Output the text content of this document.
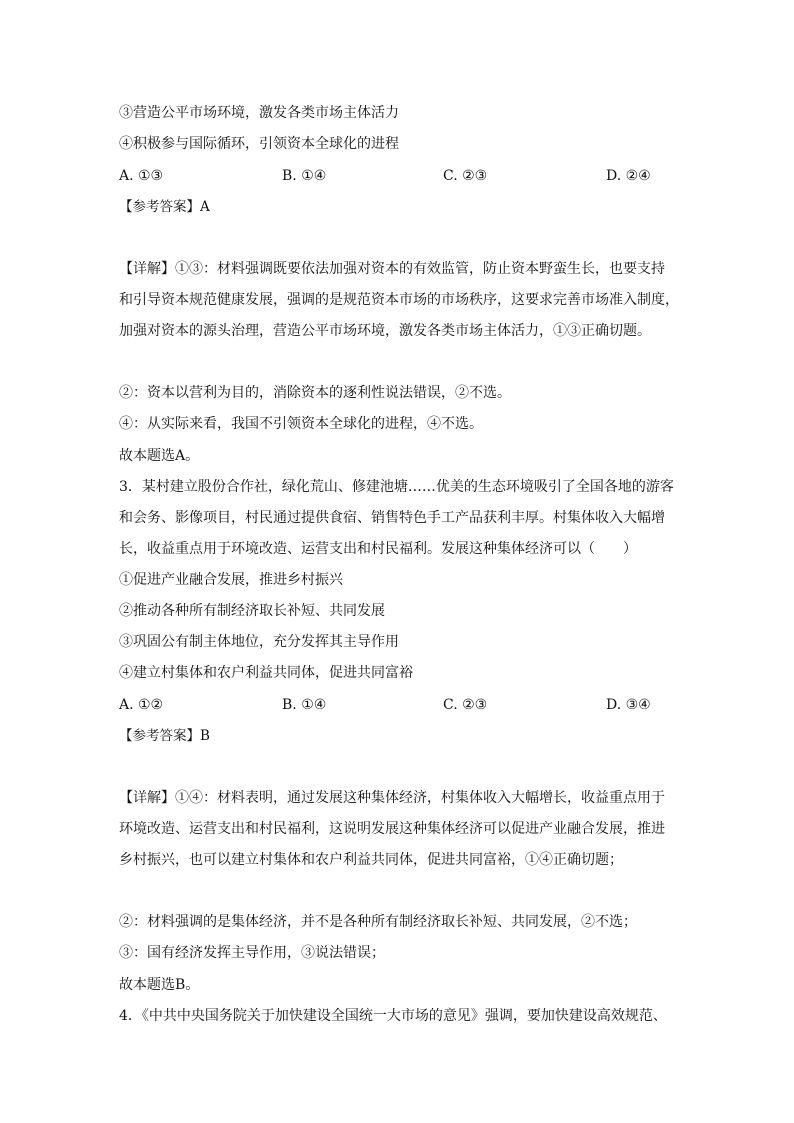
③营造公平市场环境，激发各类市场主体活力
④积极参与国际循环，引领资本全球化的进程
A. ①③	B. ①④	C. ②③	D. ②④
【参考答案】A
【详解】①③：材料强调既要依法加强对资本的有效监管，防止资本野蛮生长，也要支持
和引导资本规范健康发展，强调的是规范资本市场的市场秩序，这要求完善市场准入制度，
加强对资本的源头治理，营造公平市场环境，激发各类市场主体活力，①③正确切题。
②：资本以营利为目的，消除资本的逐利性说法错误，②不选。
④：从实际来看，我国不引领资本全球化的进程，④不选。
故本题选A。
3．某村建立股份合作社，绿化荒山、修建池塘……优美的生态环境吸引了全国各地的游客
和会务、影像项目，村民通过提供食宿、销售特色手工产品获利丰厚。村集体收入大幅增
长，收益重点用于环境改造、运营支出和村民福利。发展这种集体经济可以（　　）
①促进产业融合发展，推进乡村振兴
②推动各种所有制经济取长补短、共同发展
③巩固公有制主体地位，充分发挥其主导作用
④建立村集体和农户利益共同体，促进共同富裕
A. ①②	B. ①④	C. ②③	D. ③④
【参考答案】B
【详解】①④：材料表明，通过发展这种集体经济，村集体收入大幅增长，收益重点用于
环境改造、运营支出和村民福利，这说明发展这种集体经济可以促进产业融合发展，推进
乡村振兴，也可以建立村集体和农户利益共同体，促进共同富裕，①④正确切题；
②：材料强调的是集体经济，并不是各种所有制经济取长补短、共同发展，②不选；
③：国有经济发挥主导作用，③说法错误；
故本题选B。
4．《中共中央国务院关于加快建设全国统一大市场的意见》强调，要加快建设高效规范、
